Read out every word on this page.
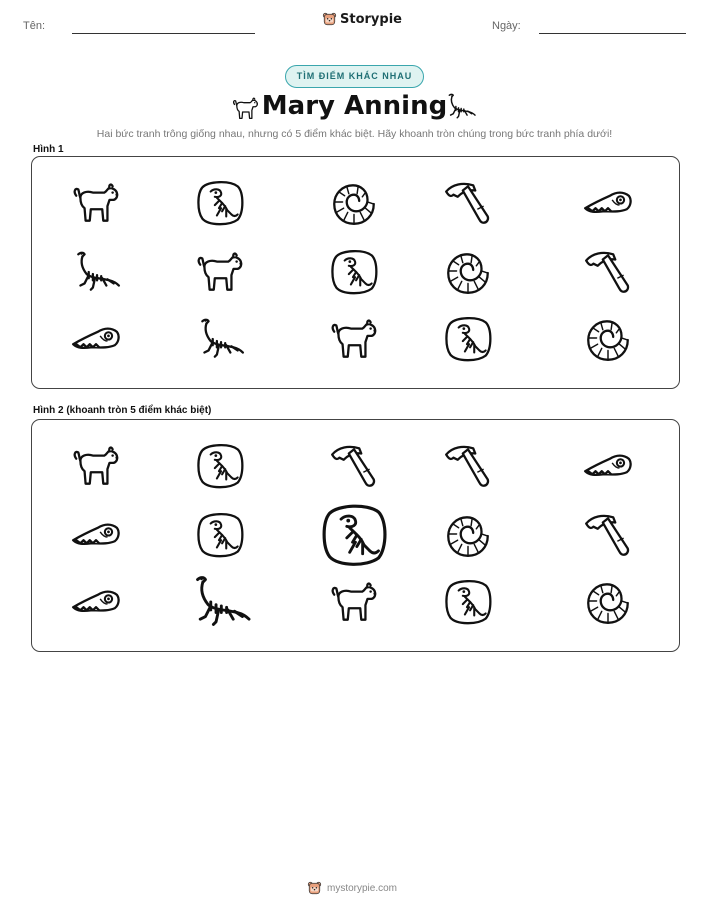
Tên:	Storypie	Ngày:
TÌM ĐIỂM KHÁC NHAU
Mary Anning
Hai bức tranh trông giống nhau, nhưng có 5 điểm khác biệt. Hãy khoanh tròn chúng trong bức tranh phía dưới!
Hình 1
Hình 2 (khoanh tròn 5 điểm khác biệt)
mystorypie.com
